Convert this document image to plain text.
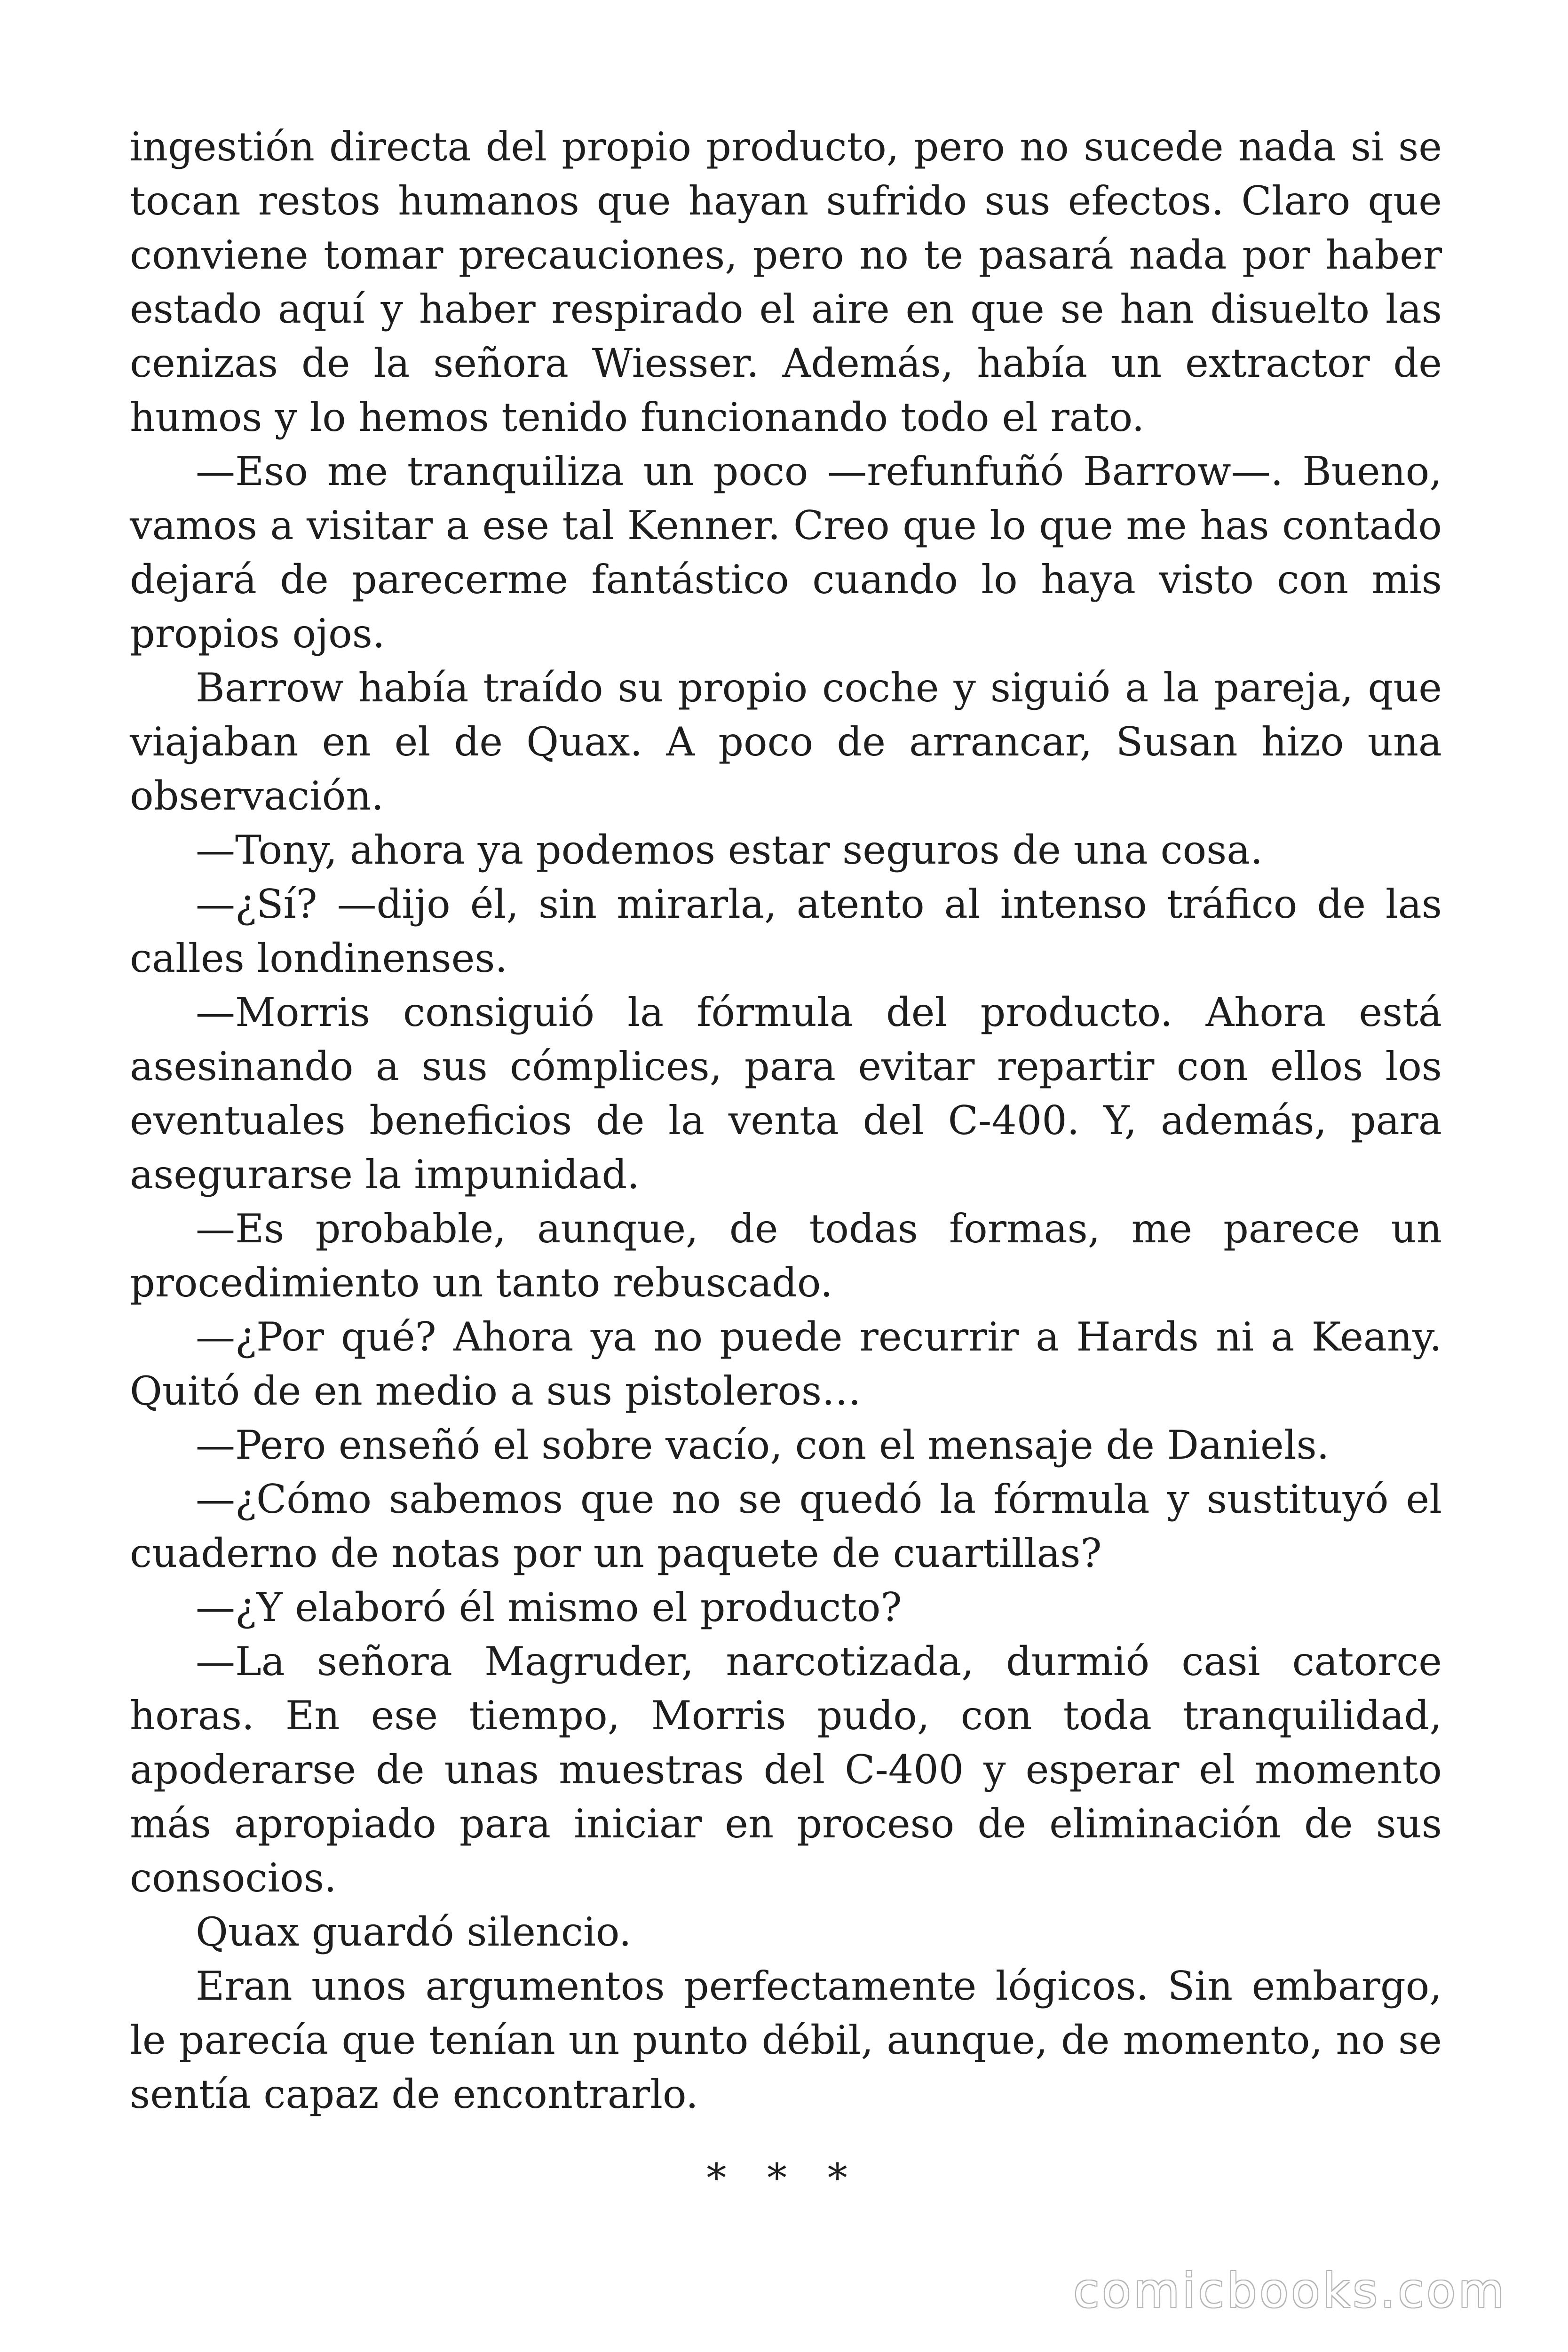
ingestión directa del propio producto, pero no sucede nada si se tocan restos humanos que hayan sufrido sus efectos. Claro que conviene tomar precauciones, pero no te pasará nada por haber estado aquí y haber respirado el aire en que se han disuelto las cenizas de la señora Wiesser. Además, había un extractor de humos y lo hemos tenido funcionando todo el rato.

—Eso me tranquiliza un poco —refunfuñó Barrow—. Bueno, vamos a visitar a ese tal Kenner. Creo que lo que me has contado dejará de parecerme fantástico cuando lo haya visto con mis propios ojos.

Barrow había traído su propio coche y siguió a la pareja, que viajaban en el de Quax. A poco de arrancar, Susan hizo una observación.

—Tony, ahora ya podemos estar seguros de una cosa.

—¿Sí? —dijo él, sin mirarla, atento al intenso tráfico de las calles londinenses.

—Morris consiguió la fórmula del producto. Ahora está asesinando a sus cómplices, para evitar repartir con ellos los eventuales beneficios de la venta del C-400. Y, además, para asegurarse la impunidad.

—Es probable, aunque, de todas formas, me parece un procedimiento un tanto rebuscado.

—¿Por qué? Ahora ya no puede recurrir a Hards ni a Keany. Quitó de en medio a sus pistoleros…

—Pero enseñó el sobre vacío, con el mensaje de Daniels.

—¿Cómo sabemos que no se quedó la fórmula y sustituyó el cuaderno de notas por un paquete de cuartillas?

—¿Y elaboró él mismo el producto?

—La señora Magruder, narcotizada, durmió casi catorce horas. En ese tiempo, Morris pudo, con toda tranquilidad, apoderarse de unas muestras del C-400 y esperar el momento más apropiado para iniciar en proceso de eliminación de sus consocios.

Quax guardó silencio.

Eran unos argumentos perfectamente lógicos. Sin embargo, le parecía que tenían un punto débil, aunque, de momento, no se sentía capaz de encontrarlo.

* * *
comicbooks.com
